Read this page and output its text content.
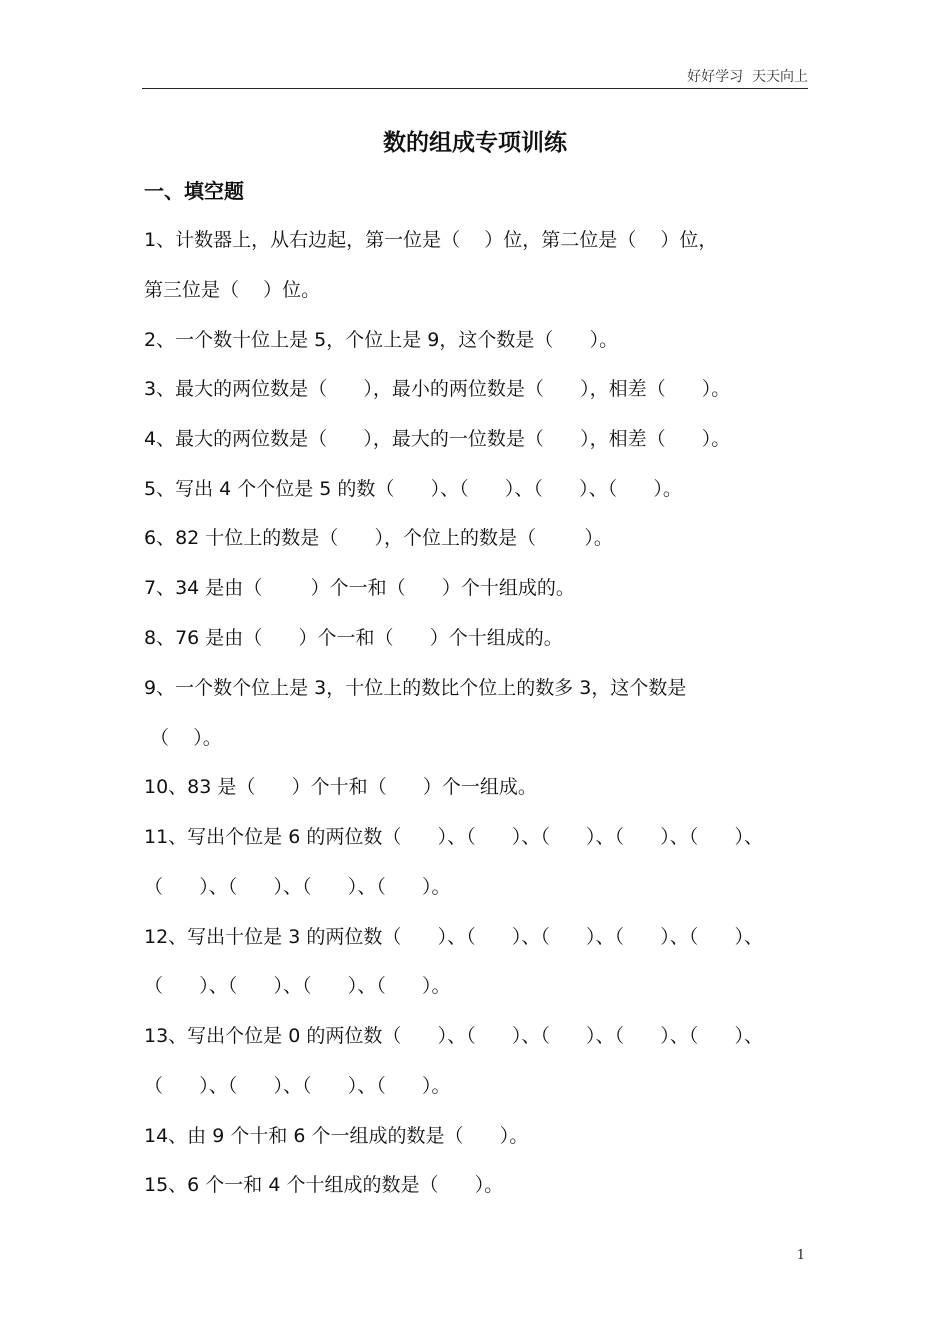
好好学习  天天向上
数的组成专项训练
一、填空题
1、计数器上，从右边起，第一位是（    ）位，第二位是（    ）位，
第三位是（    ）位。
2、一个数十位上是 5，个位上是 9，这个数是（      ）。
3、最大的两位数是（      ），最小的两位数是（      ），相差（      ）。
4、最大的两位数是（      ），最大的一位数是（      ），相差（      ）。
5、写出 4 个个位是 5 的数（      ）、（      ）、（      ）、（      ）。
6、82 十位上的数是（      ），个位上的数是（        ）。
7、34 是由（        ）个一和（      ）个十组成的。
8、76 是由（      ）个一和（      ）个十组成的。
9、一个数个位上是 3，十位上的数比个位上的数多 3，这个数是
（    ）。
10、83 是（      ）个十和（      ）个一组成。
11、写出个位是 6 的两位数（      ）、（      ）、（      ）、（      ）、（      ）、
（      ）、（      ）、（      ）、（      ）。
12、写出十位是 3 的两位数（      ）、（      ）、（      ）、（      ）、（      ）、
（      ）、（      ）、（      ）、（      ）。
13、写出个位是 0 的两位数（      ）、（      ）、（      ）、（      ）、（      ）、
（      ）、（      ）、（      ）、（      ）。
14、由 9 个十和 6 个一组成的数是（      ）。
15、6 个一和 4 个十组成的数是（      ）。
1
